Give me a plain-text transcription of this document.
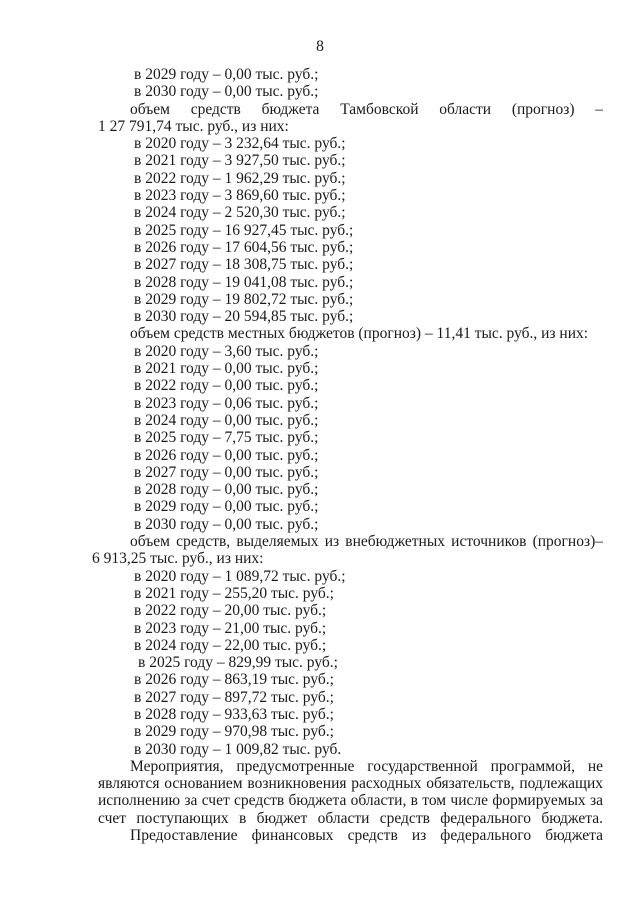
8
в 2029 году – 0,00 тыс. руб.;
в 2030 году – 0,00 тыс. руб.;
объем средств бюджета Тамбовской области (прогноз) –
1 27 791,74 тыс. руб., из них:
в 2020 году – 3 232,64 тыс. руб.;
в 2021 году – 3 927,50 тыс. руб.;
в 2022 году – 1 962,29 тыс. руб.;
в 2023 году – 3 869,60 тыс. руб.;
в 2024 году – 2 520,30 тыс. руб.;
в 2025 году – 16 927,45 тыс. руб.;
в 2026 году – 17 604,56 тыс. руб.;
в 2027 году – 18 308,75 тыс. руб.;
в 2028 году – 19 041,08 тыс. руб.;
в 2029 году – 19 802,72 тыс. руб.;
в 2030 году – 20 594,85 тыс. руб.;
объем средств местных бюджетов (прогноз) – 11,41 тыс. руб., из них:
в 2020 году – 3,60 тыс. руб.;
в 2021 году – 0,00 тыс. руб.;
в 2022 году – 0,00 тыс. руб.;
в 2023 году – 0,06 тыс. руб.;
в 2024 году – 0,00 тыс. руб.;
в 2025 году – 7,75 тыс. руб.;
в 2026 году – 0,00 тыс. руб.;
в 2027 году – 0,00 тыс. руб.;
в 2028 году – 0,00 тыс. руб.;
в 2029 году – 0,00 тыс. руб.;
в 2030 году – 0,00 тыс. руб.;
объем средств, выделяемых из внебюджетных источников (прогноз)–
6 913,25 тыс. руб., из них:
в 2020 году – 1 089,72 тыс. руб.;
в 2021 году – 255,20 тыс. руб.;
в 2022 году – 20,00 тыс. руб.;
в 2023 году – 21,00 тыс. руб.;
в 2024 году – 22,00 тыс. руб.;
в 2025 году – 829,99 тыс. руб.;
в 2026 году – 863,19 тыс. руб.;
в 2027 году – 897,72 тыс. руб.;
в 2028 году – 933,63 тыс. руб.;
в 2029 году – 970,98 тыс. руб.;
в 2030 году – 1 009,82 тыс. руб.
Мероприятия, предусмотренные государственной программой, не
являются основанием возникновения расходных обязательств, подлежащих
исполнению за счет средств бюджета области, в том числе формируемых за
счет поступающих в бюджет области средств федерального бюджета.
Предоставление финансовых средств из федерального бюджета
